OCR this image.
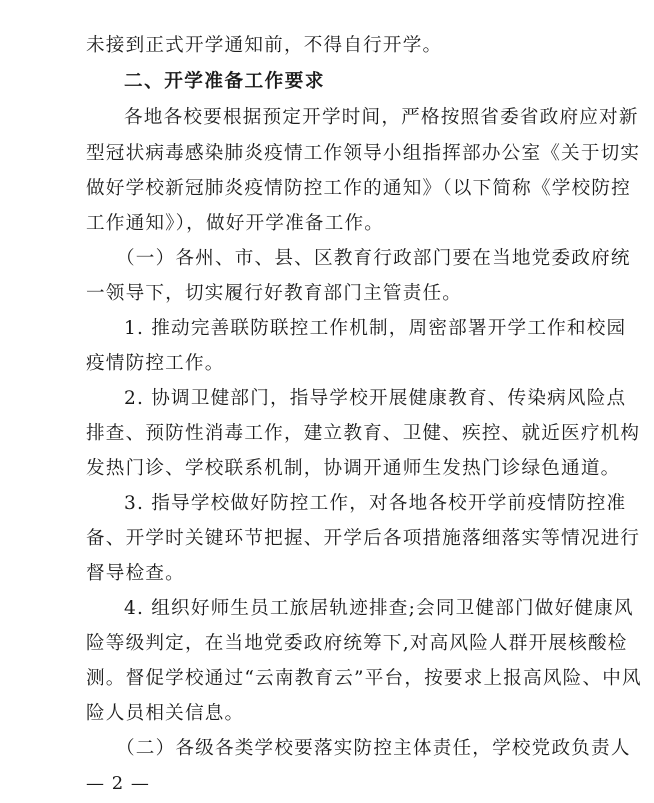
未接到正式开学通知前，不得自行开学。
二、开学准备工作要求
各地各校要根据预定开学时间，严格按照省委省政府应对新
型冠状病毒感染肺炎疫情工作领导小组指挥部办公室《关于切实
做好学校新冠肺炎疫情防控工作的通知》（以下简称《学校防控
工作通知》），做好开学准备工作。
（一）各州、市、县、区教育行政部门要在当地党委政府统
一领导下，切实履行好教育部门主管责任。
1. 推动完善联防联控工作机制，周密部署开学工作和校园
疫情防控工作。
2. 协调卫健部门，指导学校开展健康教育、传染病风险点
排查、预防性消毒工作，建立教育、卫健、疾控、就近医疗机构
发热门诊、学校联系机制，协调开通师生发热门诊绿色通道。
3. 指导学校做好防控工作，对各地各校开学前疫情防控准
备、开学时关键环节把握、开学后各项措施落细落实等情况进行
督导检查。
4. 组织好师生员工旅居轨迹排查;会同卫健部门做好健康风
险等级判定，在当地党委政府统筹下,对高风险人群开展核酸检
测。督促学校通过“云南教育云”平台，按要求上报高风险、中风
险人员相关信息。
（二）各级各类学校要落实防控主体责任，学校党政负责人
— 2 —
